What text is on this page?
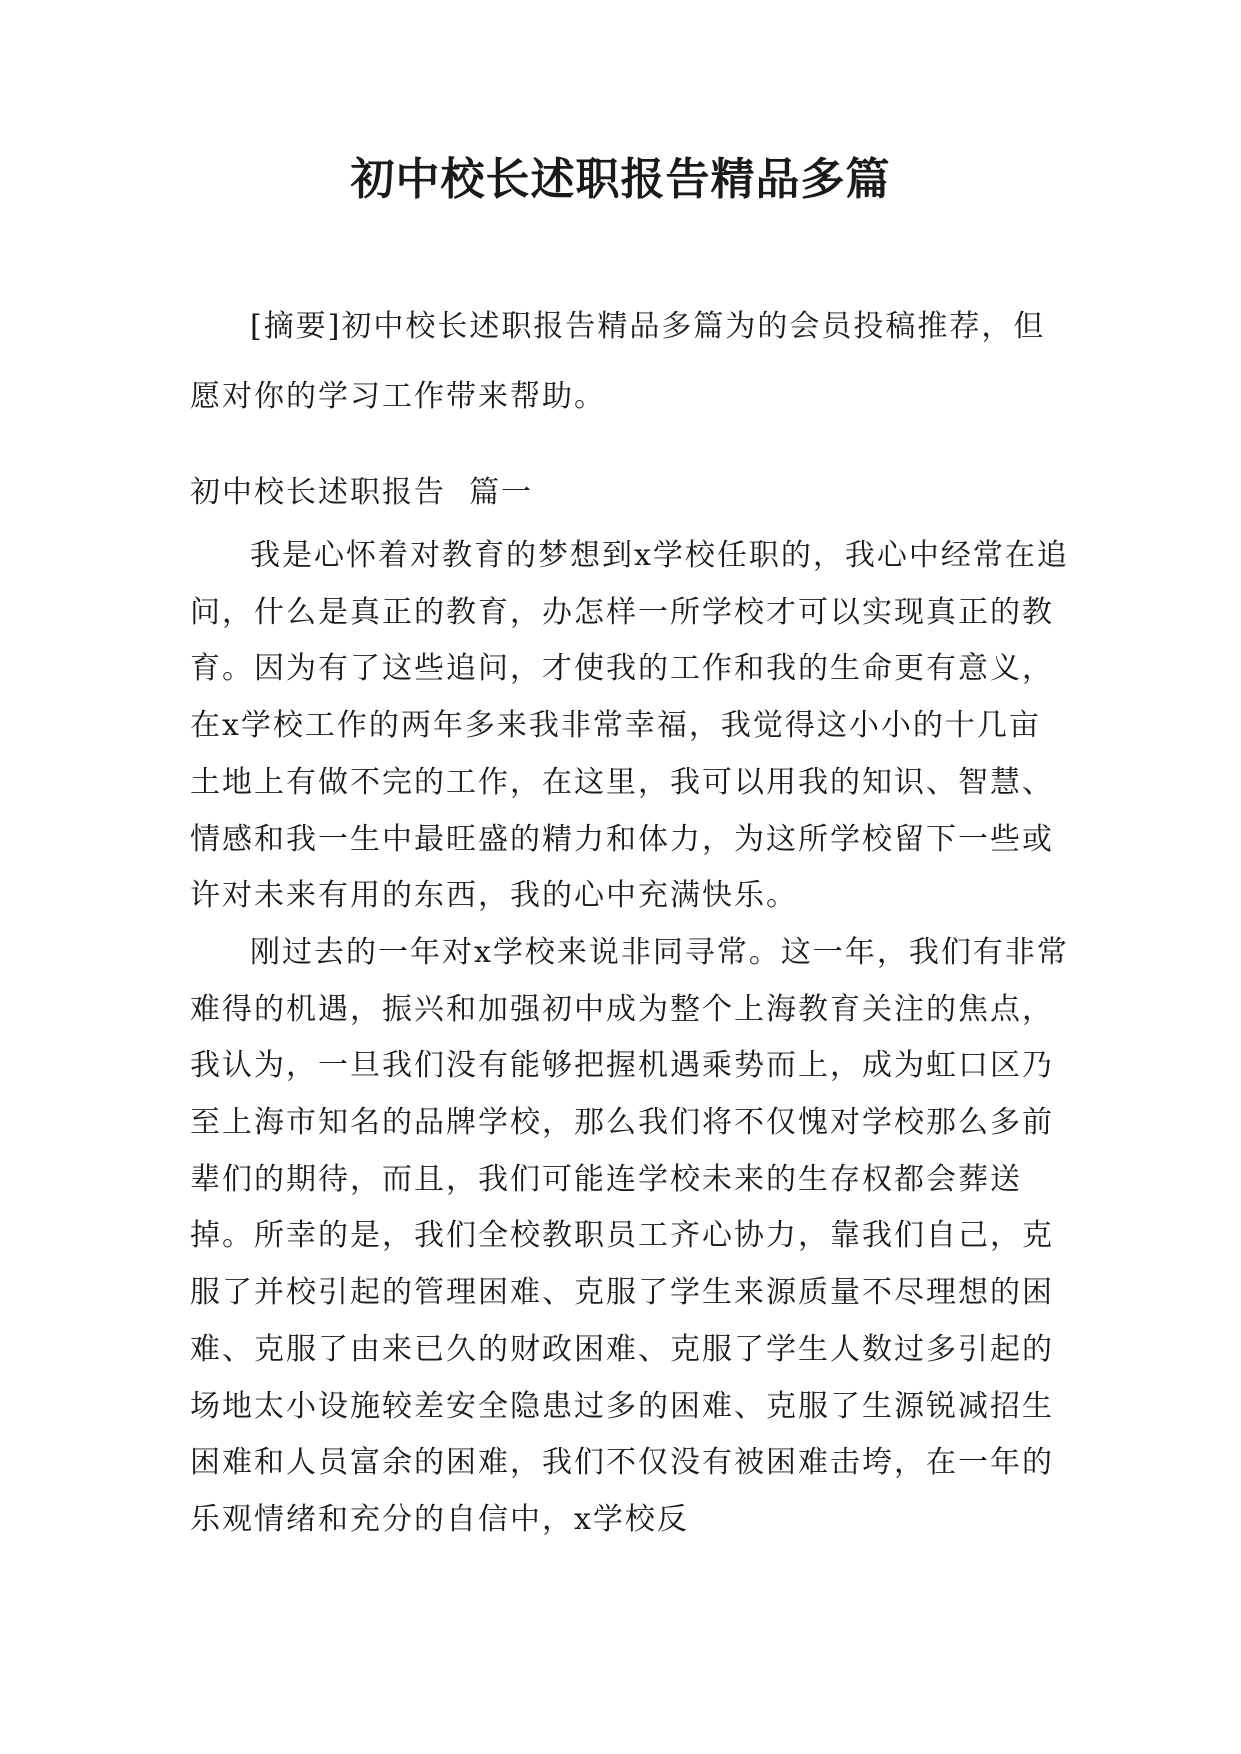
初中校长述职报告精品多篇
[摘要]初中校长述职报告精品多篇为的会员投稿推荐，但愿对你的学习工作带来帮助。
初中校长述职报告  篇一

我是心怀着对教育的梦想到x学校任职的，我心中经常在追问，什么是真正的教育，办怎样一所学校才可以实现真正的教育。因为有了这些追问，才使我的工作和我的生命更有意义，在x学校工作的两年多来我非常幸福，我觉得这小小的十几亩土地上有做不完的工作，在这里，我可以用我的知识、智慧、情感和我一生中最旺盛的精力和体力，为这所学校留下一些或许对未来有用的东西，我的心中充满快乐。

刚过去的一年对x学校来说非同寻常。这一年，我们有非常难得的机遇，振兴和加强初中成为整个上海教育关注的焦点，我认为，一旦我们没有能够把握机遇乘势而上，成为虹口区乃至上海市知名的品牌学校，那么我们将不仅愧对学校那么多前辈们的期待，而且，我们可能连学校未来的生存权都会葬送掉。所幸的是，我们全校教职员工齐心协力，靠我们自己，克服了并校引起的管理困难、克服了学生来源质量不尽理想的困难、克服了由来已久的财政困难、克服了学生人数过多引起的场地太小设施较差安全隐患过多的困难、克服了生源锐减招生困难和人员富余的困难，我们不仅没有被困难击垮，在一年的乐观情绪和充分的自信中，x学校反
